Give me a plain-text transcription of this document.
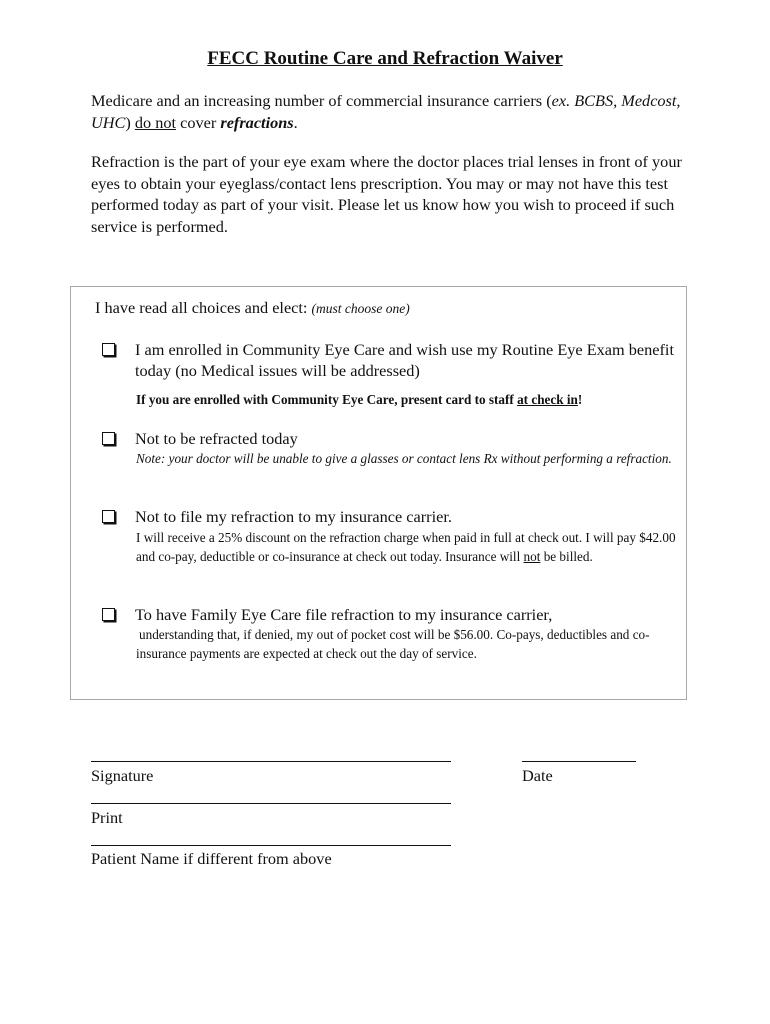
FECC Routine Care and Refraction Waiver
Medicare and an increasing number of commercial insurance carriers (ex. BCBS, Medcost, UHC) do not cover refractions.
Refraction is the part of your eye exam where the doctor places trial lenses in front of your eyes to obtain your eyeglass/contact lens prescription. You may or may not have this test performed today as part of your visit. Please let us know how you wish to proceed if such service is performed.
I have read all choices and elect: (must choose one)
I am enrolled in Community Eye Care and wish use my Routine Eye Exam benefit today (no Medical issues will be addressed)
If you are enrolled with Community Eye Care, present card to staff at check in!
Not to be refracted today
Note: your doctor will be unable to give a glasses or contact lens Rx without performing a refraction.
Not to file my refraction to my insurance carrier.
I will receive a 25% discount on the refraction charge when paid in full at check out. I will pay $42.00 and co-pay, deductible or co-insurance at check out today. Insurance will not be billed.
To have Family Eye Care file refraction to my insurance carrier,
understanding that, if denied, my out of pocket cost will be $56.00. Co-pays, deductibles and co-insurance payments are expected at check out the day of service.
Signature	Date
Print
Patient Name if different from above
